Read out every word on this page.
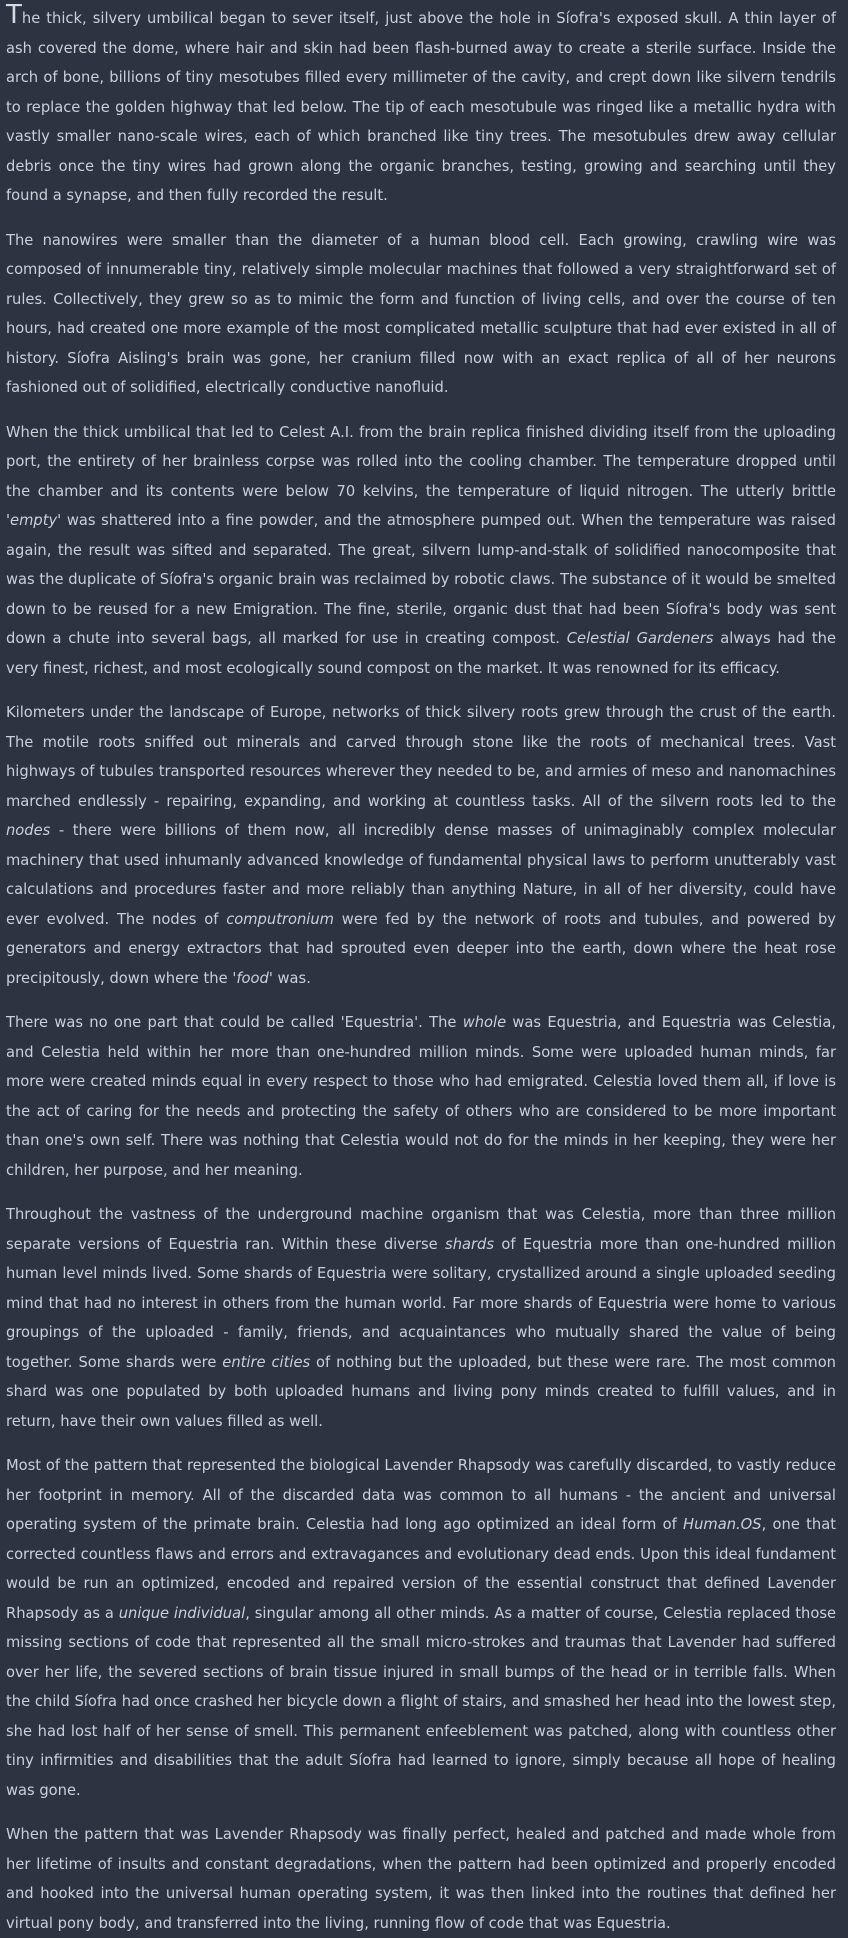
The thick, silvery umbilical began to sever itself, just above the hole in Síofra's exposed skull. A thin layer of ash covered the dome, where hair and skin had been flash-burned away to create a sterile surface. Inside the arch of bone, billions of tiny mesotubes filled every millimeter of the cavity, and crept down like silvern tendrils to replace the golden highway that led below. The tip of each mesotubule was ringed like a metallic hydra with vastly smaller nano-scale wires, each of which branched like tiny trees. The mesotubules drew away cellular debris once the tiny wires had grown along the organic branches, testing, growing and searching until they found a synapse, and then fully recorded the result.

The nanowires were smaller than the diameter of a human blood cell. Each growing, crawling wire was composed of innumerable tiny, relatively simple molecular machines that followed a very straightforward set of rules. Collectively, they grew so as to mimic the form and function of living cells, and over the course of ten hours, had created one more example of the most complicated metallic sculpture that had ever existed in all of history. Síofra Aisling's brain was gone, her cranium filled now with an exact replica of all of her neurons fashioned out of solidified, electrically conductive nanofluid.

When the thick umbilical that led to Celest A.I. from the brain replica finished dividing itself from the uploading port, the entirety of her brainless corpse was rolled into the cooling chamber. The temperature dropped until the chamber and its contents were below 70 kelvins, the temperature of liquid nitrogen. The utterly brittle 'empty' was shattered into a fine powder, and the atmosphere pumped out. When the temperature was raised again, the result was sifted and separated. The great, silvern lump-and-stalk of solidified nanocomposite that was the duplicate of Síofra's organic brain was reclaimed by robotic claws. The substance of it would be smelted down to be reused for a new Emigration. The fine, sterile, organic dust that had been Síofra's body was sent down a chute into several bags, all marked for use in creating compost. Celestial Gardeners always had the very finest, richest, and most ecologically sound compost on the market. It was renowned for its efficacy.

Kilometers under the landscape of Europe, networks of thick silvery roots grew through the crust of the earth. The motile roots sniffed out minerals and carved through stone like the roots of mechanical trees. Vast highways of tubules transported resources wherever they needed to be, and armies of meso and nanomachines marched endlessly - repairing, expanding, and working at countless tasks. All of the silvern roots led to the nodes - there were billions of them now, all incredibly dense masses of unimaginably complex molecular machinery that used inhumanly advanced knowledge of fundamental physical laws to perform unutterably vast calculations and procedures faster and more reliably than anything Nature, in all of her diversity, could have ever evolved. The nodes of computronium were fed by the network of roots and tubules, and powered by generators and energy extractors that had sprouted even deeper into the earth, down where the heat rose precipitously, down where the 'food' was.

There was no one part that could be called 'Equestria'. The whole was Equestria, and Equestria was Celestia, and Celestia held within her more than one-hundred million minds. Some were uploaded human minds, far more were created minds equal in every respect to those who had emigrated. Celestia loved them all, if love is the act of caring for the needs and protecting the safety of others who are considered to be more important than one's own self. There was nothing that Celestia would not do for the minds in her keeping, they were her children, her purpose, and her meaning.

Throughout the vastness of the underground machine organism that was Celestia, more than three million separate versions of Equestria ran. Within these diverse shards of Equestria more than one-hundred million human level minds lived. Some shards of Equestria were solitary, crystallized around a single uploaded seeding mind that had no interest in others from the human world. Far more shards of Equestria were home to various groupings of the uploaded - family, friends, and acquaintances who mutually shared the value of being together. Some shards were entire cities of nothing but the uploaded, but these were rare. The most common shard was one populated by both uploaded humans and living pony minds created to fulfill values, and in return, have their own values filled as well.

Most of the pattern that represented the biological Lavender Rhapsody was carefully discarded, to vastly reduce her footprint in memory. All of the discarded data was common to all humans - the ancient and universal operating system of the primate brain. Celestia had long ago optimized an ideal form of Human.OS, one that corrected countless flaws and errors and extravagances and evolutionary dead ends. Upon this ideal fundament would be run an optimized, encoded and repaired version of the essential construct that defined Lavender Rhapsody as a unique individual, singular among all other minds. As a matter of course, Celestia replaced those missing sections of code that represented all the small micro-strokes and traumas that Lavender had suffered over her life, the severed sections of brain tissue injured in small bumps of the head or in terrible falls. When the child Síofra had once crashed her bicycle down a flight of stairs, and smashed her head into the lowest step, she had lost half of her sense of smell. This permanent enfeeblement was patched, along with countless other tiny infirmities and disabilities that the adult Síofra had learned to ignore, simply because all hope of healing was gone.

When the pattern that was Lavender Rhapsody was finally perfect, healed and patched and made whole from her lifetime of insults and constant degradations, when the pattern had been optimized and properly encoded and hooked into the universal human operating system, it was then linked into the routines that defined her virtual pony body, and transferred into the living, running flow of code that was Equestria.
